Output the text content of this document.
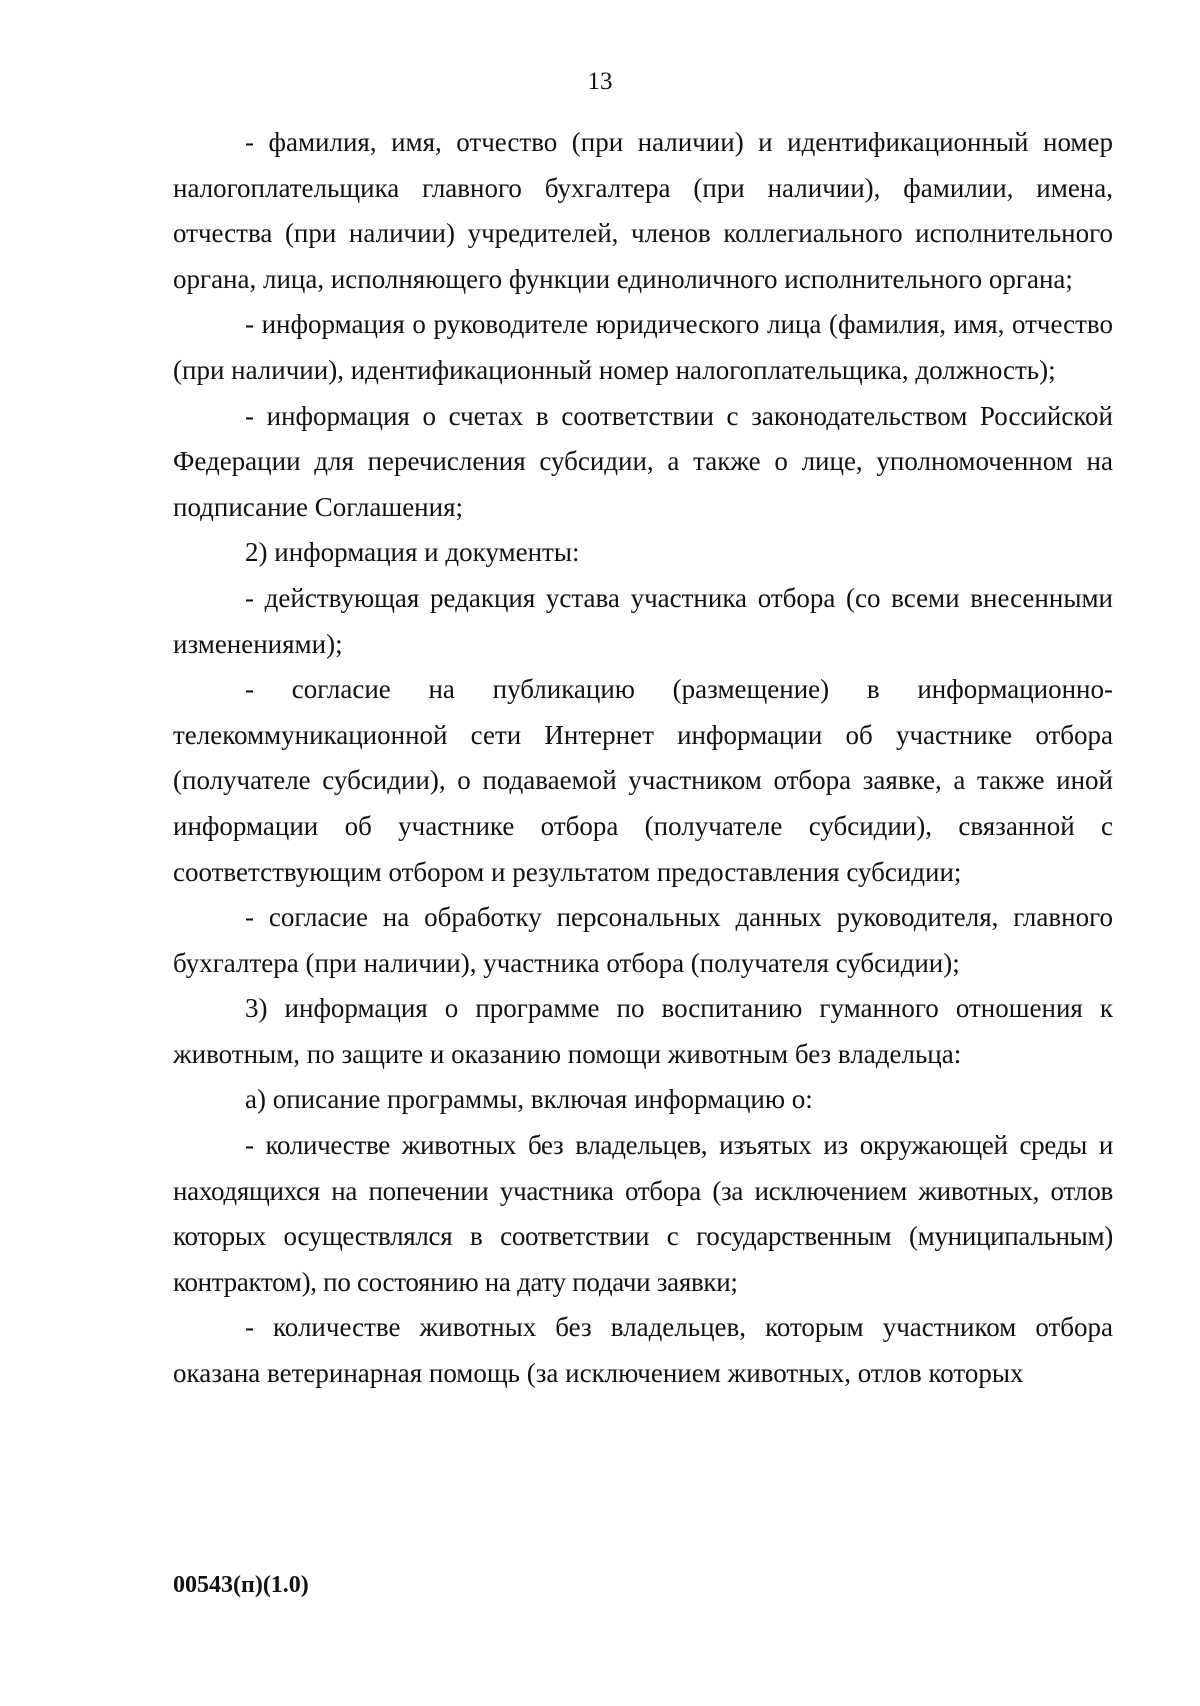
13

- фамилия, имя, отчество (при наличии) и идентификационный номер налогоплательщика главного бухгалтера (при наличии), фамилии, имена, отчества (при наличии) учредителей, членов коллегиального исполнительного органа, лица, исполняющего функции единоличного исполнительного органа;

- информация о руководителе юридического лица (фамилия, имя, отчество (при наличии), идентификационный номер налогоплательщика, должность);

- информация о счетах в соответствии с законодательством Российской Федерации для перечисления субсидии, а также о лице, уполномоченном на подписание Соглашения;

2) информация и документы:

- действующая редакция устава участника отбора (со всеми внесенными изменениями);

- согласие на публикацию (размещение) в информационно-телекоммуникационной сети Интернет информации об участнике отбора (получателе субсидии), о подаваемой участником отбора заявке, а также иной информации об участнике отбора (получателе субсидии), связанной с соответствующим отбором и результатом предоставления субсидии;

- согласие на обработку персональных данных руководителя, главного бухгалтера (при наличии), участника отбора (получателя субсидии);

3) информация о программе по воспитанию гуманного отношения к животным, по защите и оказанию помощи животным без владельца:

а) описание программы, включая информацию о:

- количестве животных без владельцев, изъятых из окружающей среды и находящихся на попечении участника отбора (за исключением животных, отлов которых осуществлялся в соответствии с государственным (муниципальным) контрактом), по состоянию на дату подачи заявки;

- количестве животных без владельцев, которым участником отбора оказана ветеринарная помощь (за исключением животных, отлов которых

00543(п)(1.0)
